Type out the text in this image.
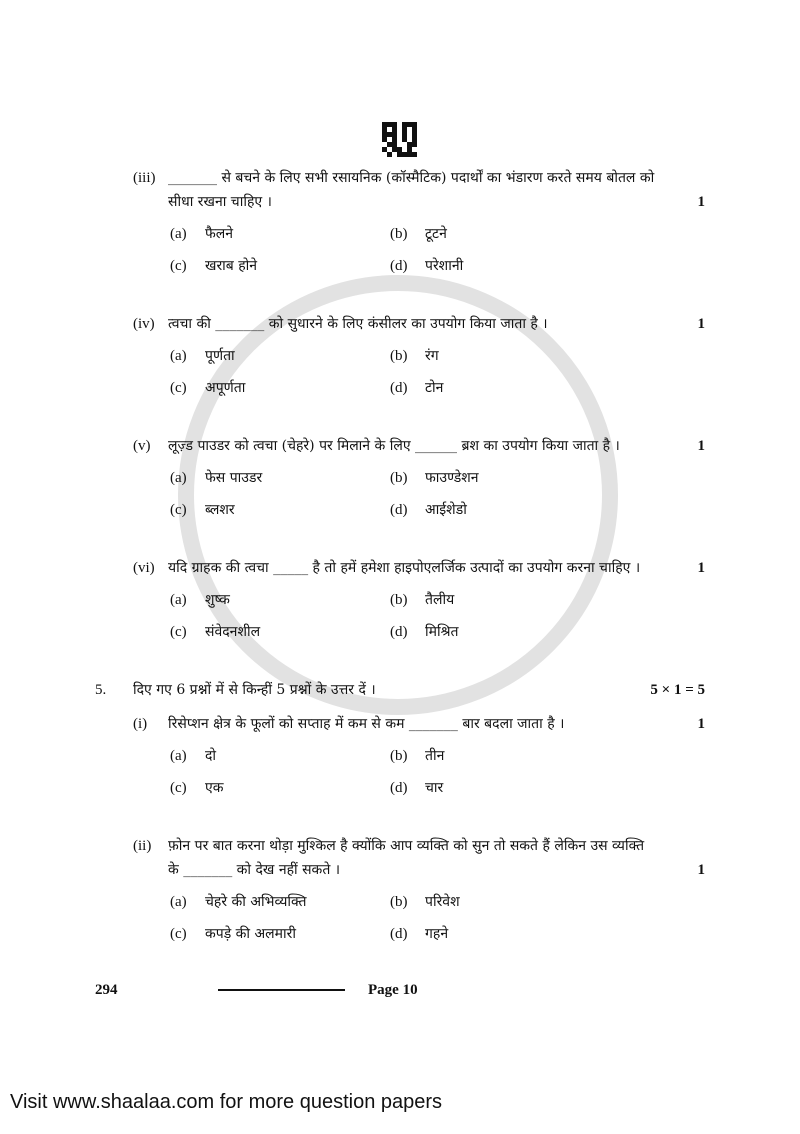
(iii) _______ से बचने के लिए सभी रसायनिक (कॉस्मैटिक) पदार्थों का भंडारण करते समय बोतल को
सीधा रखना चाहिए ।	1
(a)	फैलने	(b)	टूटने
(c)	खराब होने	(d)	परेशानी
(iv) त्वचा की _______ को सुधारने के लिए कंसीलर का उपयोग किया जाता है ।	1
(a)	पूर्णता	(b)	रंग
(c)	अपूर्णता	(d)	टोन
(v)	लूज़्ड पाउडर को त्वचा (चेहरे) पर मिलाने के लिए ______ ब्रश का उपयोग किया जाता है ।	1
(a)	फेस पाउडर	(b)	फाउण्डेशन
(c)	ब्लशर	(d)	आईशेडो
(vi) यदि ग्राहक की त्वचा _____ है तो हमें हमेशा हाइपोएलर्जिक उत्पादों का उपयोग करना चाहिए ।	1
(a)	शुष्क	(b)	तैलीय
(c)	संवेदनशील	(d)	मिश्रित
5.	दिए गए 6 प्रश्नों में से किन्हीं 5 प्रश्नों के उत्तर दें ।	5 × 1 = 5
(i)	रिसेप्शन क्षेत्र के फूलों को सप्ताह में कम से कम _______ बार बदला जाता है ।	1
(a)	दो	(b)	तीन
(c)	एक	(d)	चार
(ii)	फ़ोन पर बात करना थोड़ा मुश्किल है क्योंकि आप व्यक्ति को सुन तो सकते हैं लेकिन उस व्यक्ति
के _______ को देख नहीं सकते ।	1
(a)	चेहरे की अभिव्यक्ति	(b)	परिवेश
(c)	कपड़े की अलमारी	(d)	गहने
294	Page 10
Visit www.shaalaa.com for more question papers
